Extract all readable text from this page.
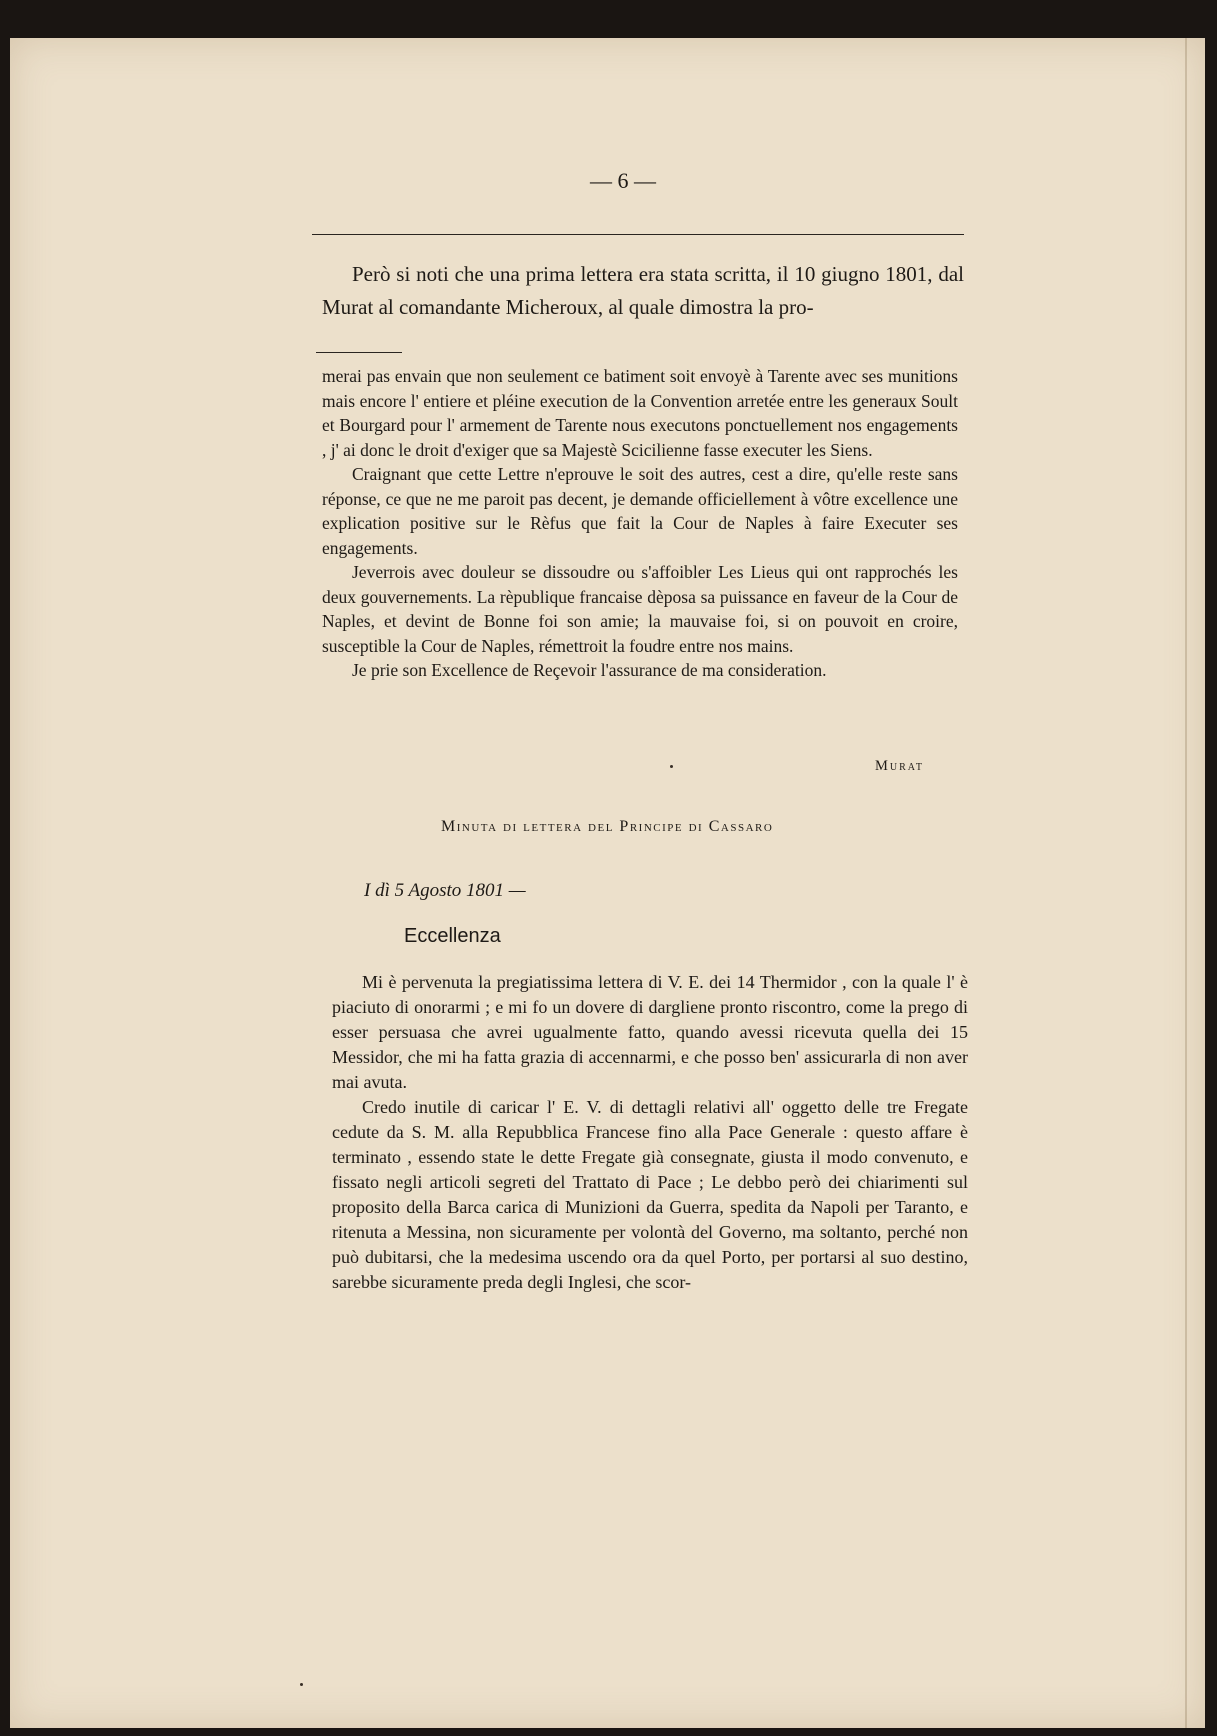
— 6 —

Però si noti che una prima lettera era stata scritta, il 10 giugno 1801, dal Murat al comandante Micheroux, al quale dimostra la pro-

merai pas envain que non seulement ce batiment soit envoyè à Tarente avec ses munitions mais encore l' entiere et pléine execution de la Convention arretée entre les generaux Soult et Bourgard pour l' armement de Tarente nous executons ponctuellement nos engagements , j' ai donc le droit d'exiger que sa Majestè Scicilienne fasse executer les Siens.

Craignant que cette Lettre n'eprouve le soit des autres, cest a dire, qu'elle reste sans réponse, ce que ne me paroit pas decent, je demande officiellement à vôtre excellence une explication positive sur le Rèfus que fait la Cour de Naples à faire Executer ses engagements.

Jeverrois avec douleur se dissoudre ou s'affoibler Les Lieus qui ont rapprochés les deux gouvernements. La rèpublique francaise dèposa sa puissance en faveur de la Cour de Naples, et devint de Bonne foi son amie; la mauvaise foi, si on pouvoit en croire, susceptible la Cour de Naples, rémettroit la foudre entre nos mains.

Je prie son Excellence de Reçevoir l'assurance de ma consideration.

Murat
Minuta di lettera del Principe di Cassaro
I dì 5 Agosto 1801 —
Eccellenza

Mi è pervenuta la pregiatissima lettera di V. E. dei 14 Thermidor , con la quale l' è piaciuto di onorarmi ; e mi fo un dovere di dargliene pronto riscontro, come la prego di esser persuasa che avrei ugualmente fatto, quando avessi ricevuta quella dei 15 Messidor, che mi ha fatta grazia di accennarmi, e che posso ben' assicurarla di non aver mai avuta.

Credo inutile di caricar l' E. V. di dettagli relativi all' oggetto delle tre Fregate cedute da S. M. alla Repubblica Francese fino alla Pace Generale : questo affare è terminato , essendo state le dette Fregate già consegnate, giusta il modo convenuto, e fissato negli articoli segreti del Trattato di Pace ; Le debbo però dei chiarimenti sul proposito della Barca carica di Munizioni da Guerra, spedita da Napoli per Taranto, e ritenuta a Messina, non sicuramente per volontà del Governo, ma soltanto, perché non può dubitarsi, che la medesima uscendo ora da quel Porto, per portarsi al suo destino, sarebbe sicuramente preda degli Inglesi, che scor-
